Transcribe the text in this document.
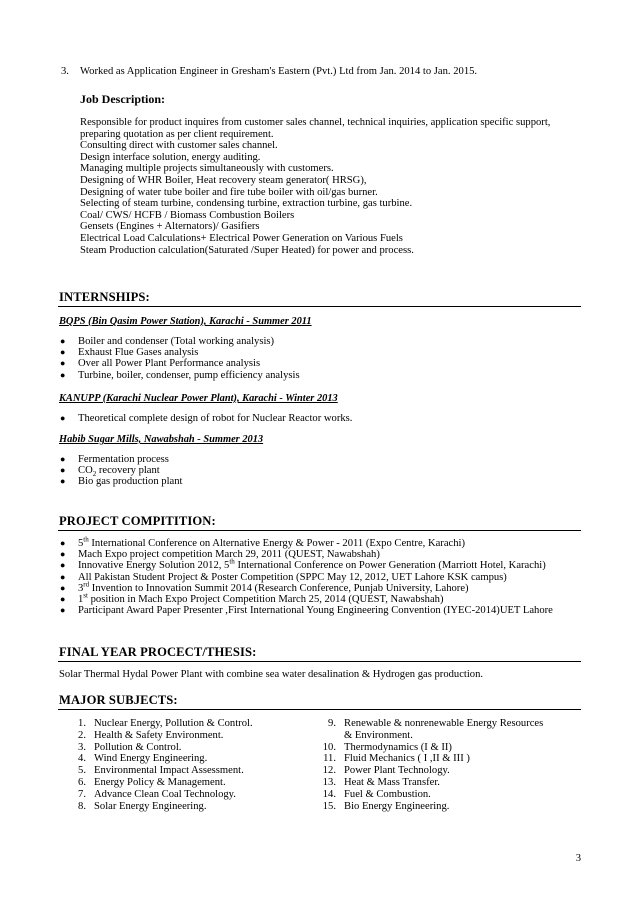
3. Worked as Application Engineer in Gresham's Eastern (Pvt.) Ltd from Jan. 2014 to Jan. 2015.
Job Description:
Responsible for product inquires from customer sales channel, technical inquiries, application specific support,
preparing quotation as per client requirement.
Consulting direct with customer sales channel.
Design interface solution, energy auditing.
Managing multiple projects simultaneously with customers.
Designing of WHR Boiler, Heat recovery steam generator( HRSG),
Designing of water tube boiler and fire tube boiler with oil/gas burner.
Selecting of steam turbine, condensing turbine, extraction turbine, gas turbine.
Coal/ CWS/ HCFB / Biomass Combustion Boilers
Gensets (Engines + Alternators)/ Gasifiers
Electrical Load Calculations+ Electrical Power Generation on Various Fuels
Steam Production calculation(Saturated /Super Heated) for power and process.
INTERNSHIPS:
BQPS (Bin Qasim Power Station), Karachi - Summer 2011
● Boiler and condenser (Total working analysis)
● Exhaust Flue Gases analysis
● Over all Power Plant Performance analysis
● Turbine, boiler, condenser, pump efficiency analysis
KANUPP (Karachi Nuclear Power Plant), Karachi - Winter 2013
● Theoretical complete design of robot for Nuclear Reactor works.
Habib Sugar Mills, Nawabshah - Summer 2013
● Fermentation process
● $CO_2$ recovery plant
● Bio gas production plant
PROJECT COMPITITION:
● 5th International Conference on Alternative Energy & Power - 2011 (Expo Centre, Karachi)
● Mach Expo project competition March 29, 2011 (QUEST, Nawabshah)
● Innovative Energy Solution 2012, 5th International Conference on Power Generation (Marriott Hotel, Karachi)
● All Pakistan Student Project & Poster Competition (SPPC May 12, 2012, UET Lahore KSK campus)
● 3rd Invention to Innovation Summit 2014 (Research Conference, Punjab University, Lahore)
● 1st position in Mach Expo Project Competition March 25, 2014 (QUEST, Nawabshah)
● Participant Award Paper Presenter ,First International Young Engineering Convention (IYEC-2014)UET Lahore
FINAL YEAR PROCECT/THESIS:
Solar Thermal Hydal Power Plant with combine sea water desalination & Hydrogen gas production.
MAJOR SUBJECTS:
1. Nuclear Energy, Pollution & Control.
2. Health & Safety Environment.
3. Pollution & Control.
4. Wind Energy Engineering.
5. Environmental Impact Assessment.
6. Energy Policy & Management.
7. Advance Clean Coal Technology.
8. Solar Energy Engineering.
9. Renewable & nonrenewable Energy Resources
& Environment.
10. Thermodynamics (I & II)
11. Fluid Mechanics ( I ,II & III )
12. Power Plant Technology.
13. Heat & Mass Transfer.
14. Fuel & Combustion.
15. Bio Energy Engineering.
3
